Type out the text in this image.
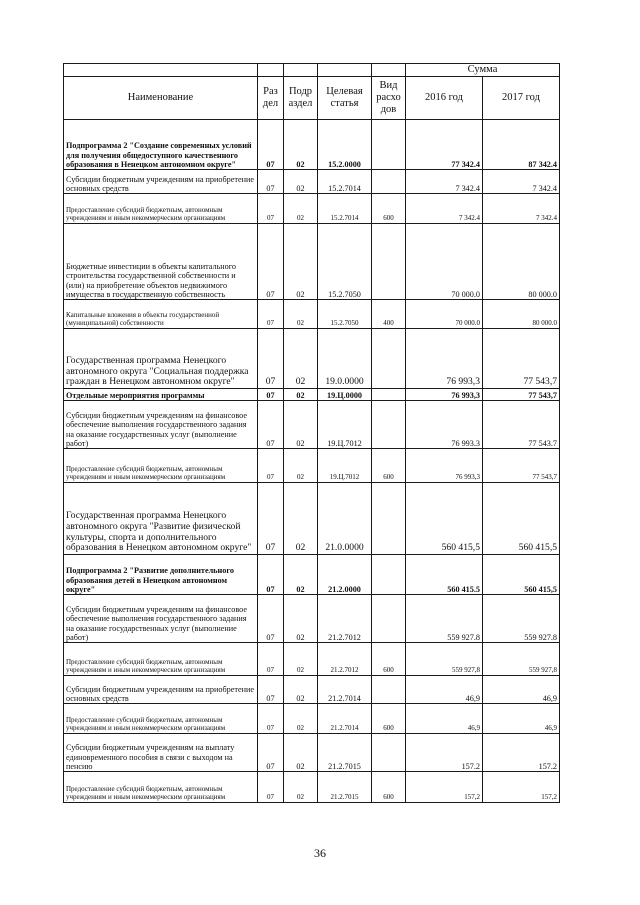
					Сумма	
Наименование	Раз дел	Подр аздел	Целевая статья	Вид расхо дов	2016 год	2017 год
Подпрограмма 2 "Создание современных условий для получения общедоступного качественного образования в Ненецком автономном округе"	07	02	15.2.0000		77 342.4	87 342.4
Субсидии бюджетным учреждениям на приобретение основных средств	07	02	15.2.7014		7 342.4	7 342.4
Предоставление субсидий бюджетным, автономным учреждениям и иным некоммерческим организациям	07	02	15.2.7014	600	7 342.4	7 342.4
Бюджетные инвестиции в объекты капитального строительства государственной собственности и (или) на приобретение объектов недвижимого имущества в государственную собственность	07	02	15.2.7050		70 000.0	80 000.0
Капитальные вложения в объекты государственной (муниципальной) собственности	07	02	15.2.7050	400	70 000.0	80 000.0
Государственная программа Ненецкого автономного округа "Социальная поддержка граждан в Ненецком автономном округе"	07	02	19.0.0000		76 993,3	77 543,7
Отдельные мероприятия программы	07	02	19.Ц.0000		76 993,3	77 543,7
Субсидии бюджетным учреждениям на финансовое обеспечение выполнения государственного задания на оказание государственных услуг (выполнение работ)	07	02	19.Ц.7012		76 993.3	77 543.7
Предоставление субсидий бюджетным, автономным учреждениям и иным некоммерческим организациям	07	02	19.Ц.7012	600	76 993,3	77 543,7
Государственная программа Ненецкого автономного округа "Развитие физической культуры, спорта и дополнительного образования в Ненецком автономном округе"	07	02	21.0.0000		560 415,5	560 415,5
Подпрограмма 2 "Развитие дополнительного образования детей в Ненецком автономном округе"	07	02	21.2.0000		560 415.5	560 415,5
Субсидии бюджетным учреждениям на финансовое обеспечение выполнения государственного задания на оказание государственных услуг (выполнение работ)	07	02	21.2.7012		559 927.8	559 927.8
Предоставление субсидий бюджетным, автономным учреждениям и иным некоммерческим организациям	07	02	21.2.7012	600	559 927,8	559 927,8
Субсидии бюджетным учреждениям на приобретение основных средств	07	02	21.2.7014		46,9	46,9
Предоставление субсидий бюджетным, автономным учреждениям и иным некоммерческим организациям	07	02	21.2.7014	600	46,9	46,9
Субсидии бюджетным учреждениям на выплату единовременного пособия в связи с выходом на пенсию	07	02	21.2.7015		157.2	157.2
Предоставление субсидий бюджетным, автономным учреждениям и иным некоммерческим организациям	07	02	21.2.7015	600	157,2	157,2
36
